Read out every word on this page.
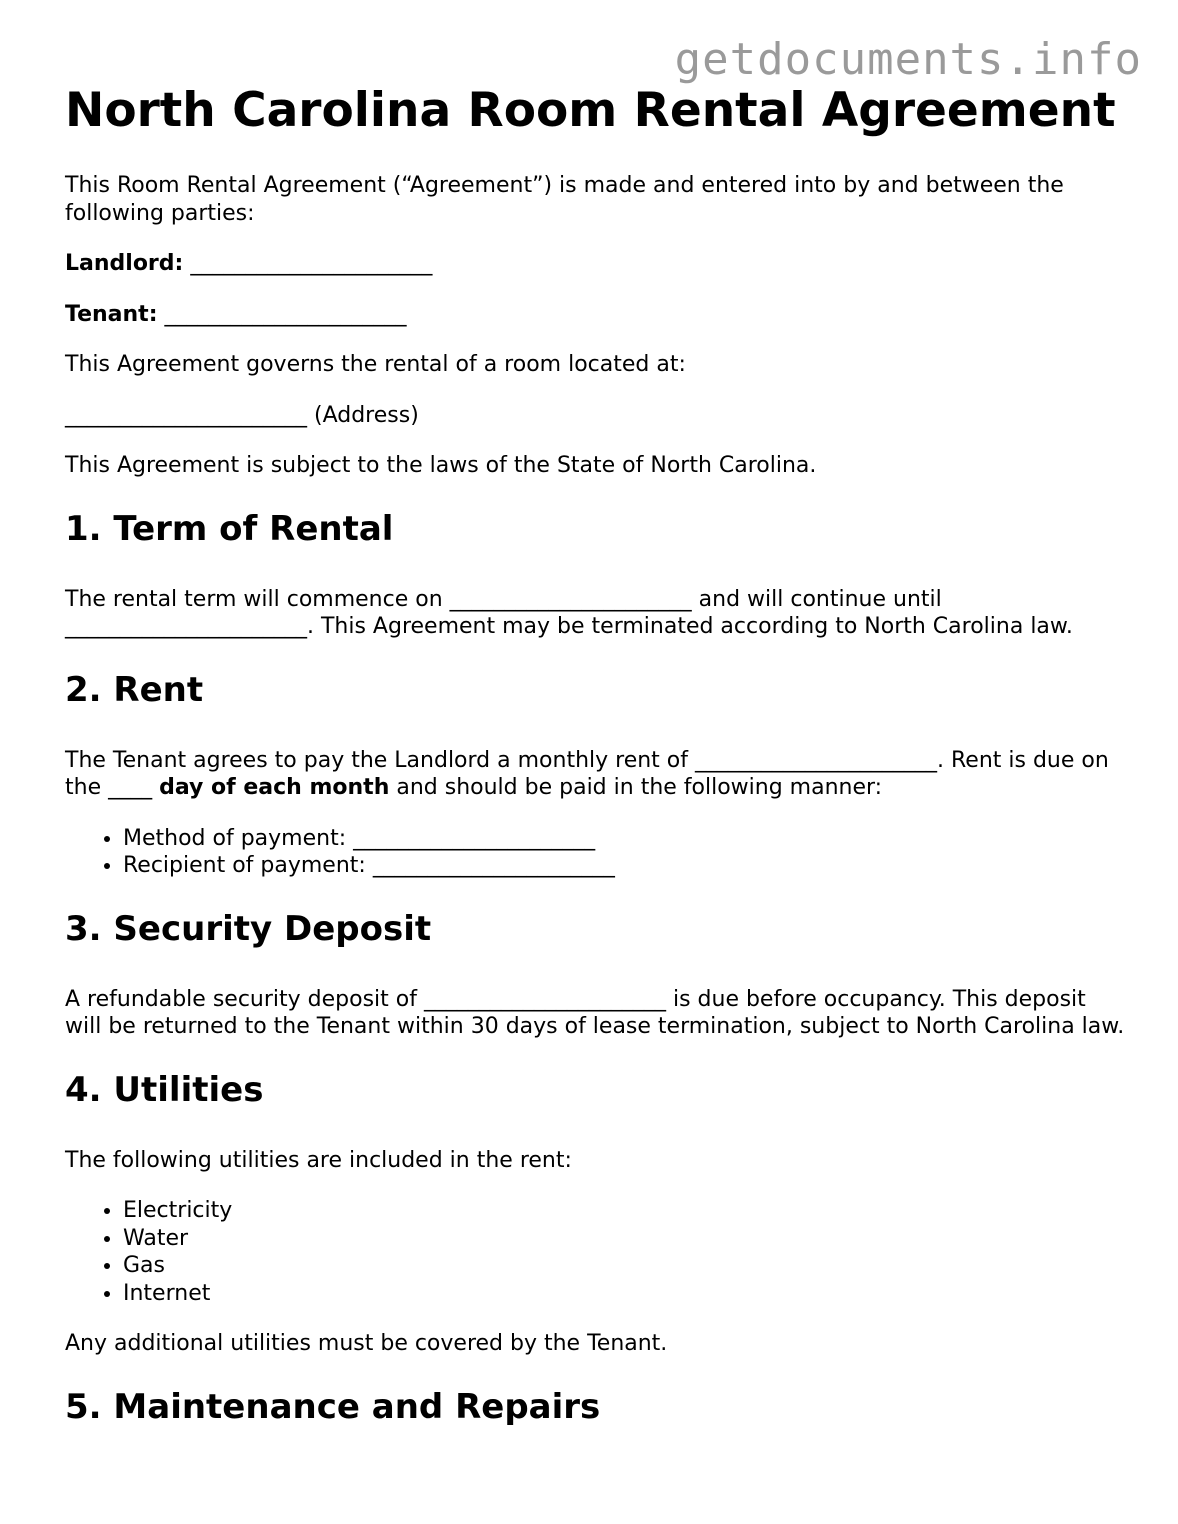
getdocuments.info
North Carolina Room Rental Agreement

This Room Rental Agreement (“Agreement”) is made and entered into by and between the following parties:

Landlord: ______________________

Tenant: ______________________

This Agreement governs the rental of a room located at:

______________________ (Address)

This Agreement is subject to the laws of the State of North Carolina.

1. Term of Rental

The rental term will commence on ______________________ and will continue until ______________________. This Agreement may be terminated according to North Carolina law.

2. Rent

The Tenant agrees to pay the Landlord a monthly rent of ______________________. Rent is due on the ____ day of each month and should be paid in the following manner:

• Method of payment: ______________________
• Recipient of payment: ______________________
3. Security Deposit

A refundable security deposit of ______________________ is due before occupancy. This deposit will be returned to the Tenant within 30 days of lease termination, subject to North Carolina law.

4. Utilities

The following utilities are included in the rent:

• Electricity
• Water
• Gas
• Internet

Any additional utilities must be covered by the Tenant.

5. Maintenance and Repairs
